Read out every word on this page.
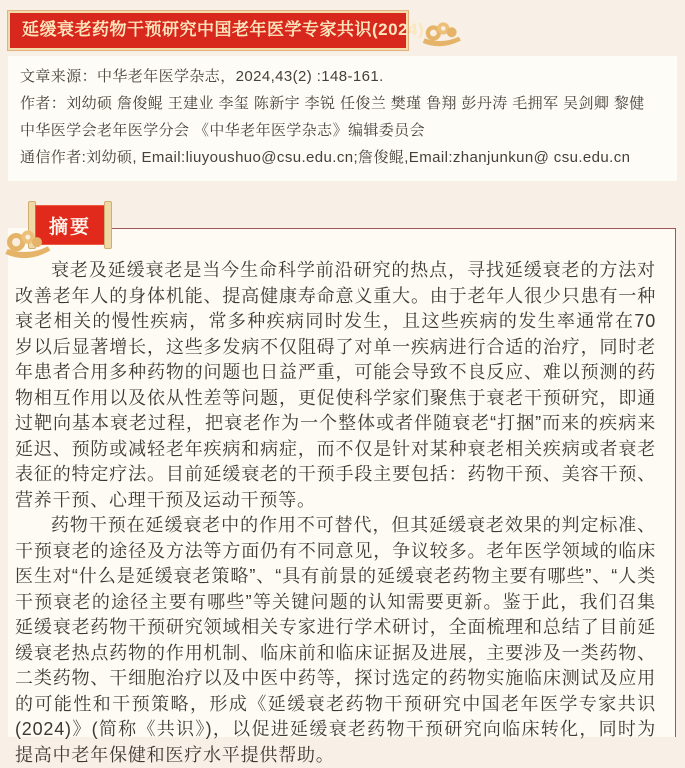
延缓衰老药物干预研究中国老年医学专家共识(2024)

文章来源：中华老年医学杂志，2024,43(2) :148-161.

作者：刘幼硕 詹俊鲲 王建业 李玺 陈新宇 李锐 任俊兰 樊瑾 鲁翔 彭丹涛 毛拥军 吴剑卿 黎健 中华医学会老年医学分会 《中华老年医学杂志》编辑委员会

通信作者:刘幼硕, Email:liuyoushuo@csu.edu.cn;詹俊鲲,Email:zhanjunkun@ csu.edu.cn

摘要

衰老及延缓衰老是当今生命科学前沿研究的热点，寻找延缓衰老的方法对改善老年人的身体机能、提高健康寿命意义重大。由于老年人很少只患有一种衰老相关的慢性疾病，常多种疾病同时发生，且这些疾病的发生率通常在70岁以后显著增长，这些多发病不仅阻碍了对单一疾病进行合适的治疗，同时老年患者合用多种药物的问题也日益严重，可能会导致不良反应、难以预测的药物相互作用以及依从性差等问题，更促使科学家们聚焦于衰老干预研究，即通过靶向基本衰老过程，把衰老作为一个整体或者伴随衰老“打捆”而来的疾病来延迟、预防或减轻老年疾病和病症，而不仅是针对某种衰老相关疾病或者衰老表征的特定疗法。目前延缓衰老的干预手段主要包括：药物干预、美容干预、营养干预、心理干预及运动干预等。

药物干预在延缓衰老中的作用不可替代，但其延缓衰老效果的判定标准、干预衰老的途径及方法等方面仍有不同意见，争议较多。老年医学领域的临床医生对“什么是延缓衰老策略”、“具有前景的延缓衰老药物主要有哪些”、“人类干预衰老的途径主要有哪些”等关键问题的认知需要更新。鉴于此，我们召集延缓衰老药物干预研究领域相关专家进行学术研讨，全面梳理和总结了目前延缓衰老热点药物的作用机制、临床前和临床证据及进展，主要涉及一类药物、二类药物、干细胞治疗以及中医中药等，探讨选定的药物实施临床测试及应用的可能性和干预策略，形成《延缓衰老药物干预研究中国老年医学专家共识(2024)》(简称《共识》)，以促进延缓衰老药物干预研究向临床转化，同时为提高中老年保健和医疗水平提供帮助。
